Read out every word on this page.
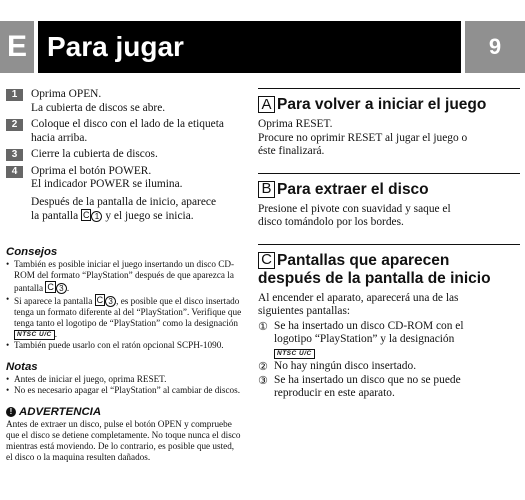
E Para jugar	9
1	Oprima OPEN.
La cubierta de discos se abre.
2	Coloque el disco con el lado de la etiqueta
hacia arriba.
3	Cierre la cubierta de discos.
4	Oprima el botón POWER.
El indicador POWER se ilumina.
Después de la pantalla de inicio, aparece
la pantalla C 1 y el juego se inicia.
Consejos
• También es posible iniciar el juego insertando un disco CD-ROM del formato “PlayStation” después de que aparezca la pantalla C 3 .
• Si aparece la pantalla C 3 , es posible que el disco insertado tenga un formato diferente al del “PlayStation”. Verifique que tenga tanto el logotipo de “PlayStation” como la designación NTSC U/C .
• También puede usarlo con el ratón opcional SCPH-1090.
Notas
• Antes de iniciar el juego, oprima RESET.
• No es necesario apagar el “PlayStation” al cambiar de discos.
! ADVERTENCIA
Antes de extraer un disco, pulse el botón OPEN y compruebe que el disco se detiene completamente. No toque nunca el disco mientras está moviendo. De lo contrario, es posible que usted, el disco o la maquina resulten dañados.
A Para volver a iniciar el juego
Oprima RESET.
Procure no oprimir RESET al jugar el juego o
éste finalizará.
B Para extraer el disco
Presione el pivote con suavidad y saque el
disco tomándolo por los bordes.
C Pantallas que aparecen
después de la pantalla de inicio
Al encender el aparato, aparecerá una de las
siguientes pantallas:
① Se ha insertado un disco CD-ROM con el
logotipo “PlayStation” y la designación
NTSC U/C
② No hay ningún disco insertado.
③ Se ha insertado un disco que no se puede
reproducir en este aparato.
